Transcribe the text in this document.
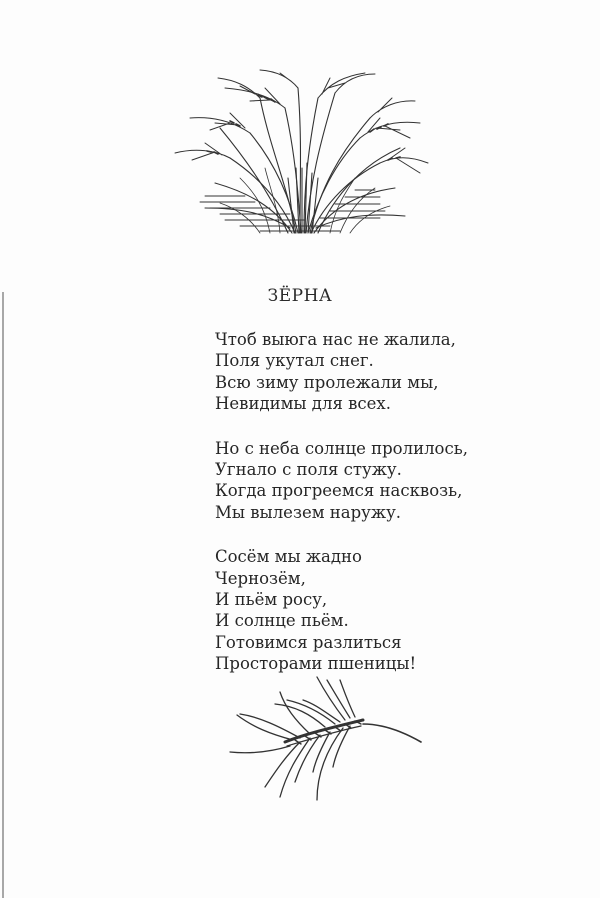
ЗЁРНА
Чтоб выюга нас не жалила,
Поля укутал снег.
Всю зиму пролежали мы,
Невидимы для всех.
Но с неба солнце пролилось,
Угнало с поля стужу.
Когда прогреемся насквозь,
Мы вылезем наружу.
Сосём мы жадно
Чернозём,
И пьём росу,
И солнце пьём.
Готовимся разлиться
Просторами пшеницы!
